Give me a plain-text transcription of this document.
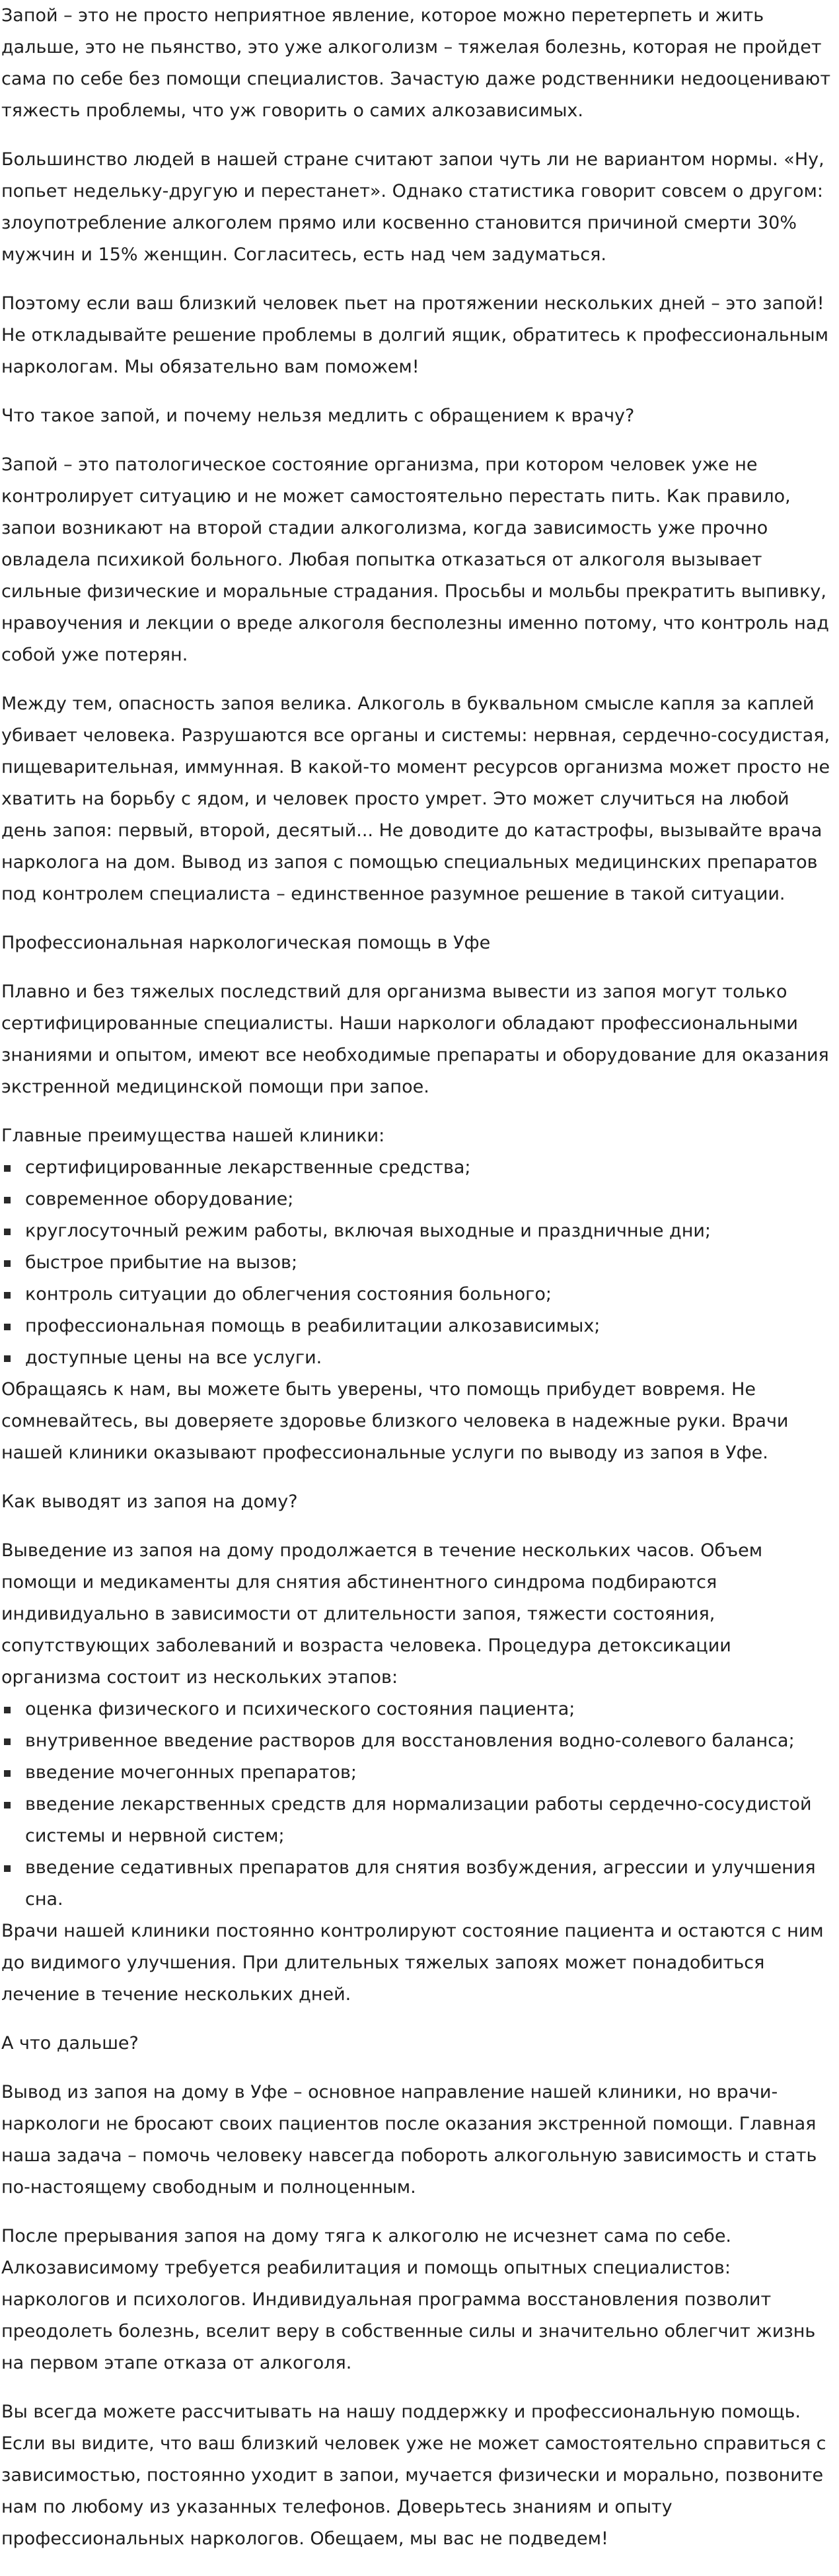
Запой – это не просто неприятное явление, которое можно перетерпеть и жить дальше, это не пьянство, это уже алкоголизм – тяжелая болезнь, которая не пройдет сама по себе без помощи специалистов. Зачастую даже родственники недооценивают тяжесть проблемы, что уж говорить о самих алкозависимых.

Большинство людей в нашей стране считают запои чуть ли не вариантом нормы. «Ну, попьет недельку-другую и перестанет». Однако статистика говорит совсем о другом: злоупотребление алкоголем прямо или косвенно становится причиной смерти 30% мужчин и 15% женщин. Согласитесь, есть над чем задуматься.

Поэтому если ваш близкий человек пьет на протяжении нескольких дней – это запой! Не откладывайте решение проблемы в долгий ящик, обратитесь к профессиональным наркологам. Мы обязательно вам поможем!

Что такое запой, и почему нельзя медлить с обращением к врачу?

Запой – это патологическое состояние организма, при котором человек уже не контролирует ситуацию и не может самостоятельно перестать пить. Как правило, запои возникают на второй стадии алкоголизма, когда зависимость уже прочно овладела психикой больного. Любая попытка отказаться от алкоголя вызывает сильные физические и моральные страдания. Просьбы и мольбы прекратить выпивку, нравоучения и лекции о вреде алкоголя бесполезны именно потому, что контроль над собой уже потерян.

Между тем, опасность запоя велика. Алкоголь в буквальном смысле капля за каплей убивает человека. Разрушаются все органы и системы: нервная, сердечно-сосудистая, пищеварительная, иммунная. В какой-то момент ресурсов организма может просто не хватить на борьбу с ядом, и человек просто умрет. Это может случиться на любой день запоя: первый, второй, десятый... Не доводите до катастрофы, вызывайте врача нарколога на дом. Вывод из запоя с помощью специальных медицинских препаратов под контролем специалиста – единственное разумное решение в такой ситуации.

Профессиональная наркологическая помощь в Уфе

Плавно и без тяжелых последствий для организма вывести из запоя могут только сертифицированные специалисты. Наши наркологи обладают профессиональными знаниями и опытом, имеют все необходимые препараты и оборудование для оказания экстренной медицинской помощи при запое.

Главные преимущества нашей клиники:

сертифицированные лекарственные средства;
современное оборудование;
круглосуточный режим работы, включая выходные и праздничные дни;
быстрое прибытие на вызов;
контроль ситуации до облегчения состояния больного;
профессиональная помощь в реабилитации алкозависимых;
доступные цены на все услуги.

Обращаясь к нам, вы можете быть уверены, что помощь прибудет вовремя. Не сомневайтесь, вы доверяете здоровье близкого человека в надежные руки. Врачи нашей клиники оказывают профессиональные услуги по выводу из запоя в Уфе.

Как выводят из запоя на дому?

Выведение из запоя на дому продолжается в течение нескольких часов. Объем помощи и медикаменты для снятия абстинентного синдрома подбираются индивидуально в зависимости от длительности запоя, тяжести состояния, сопутствующих заболеваний и возраста человека. Процедура детоксикации организма состоит из нескольких этапов:

оценка физического и психического состояния пациента;
внутривенное введение растворов для восстановления водно-солевого баланса;
введение мочегонных препаратов;
введение лекарственных средств для нормализации работы сердечно-сосудистой системы и нервной систем;
введение седативных препаратов для снятия возбуждения, агрессии и улучшения сна.

Врачи нашей клиники постоянно контролируют состояние пациента и остаются с ним до видимого улучшения. При длительных тяжелых запоях может понадобиться лечение в течение нескольких дней.

А что дальше?

Вывод из запоя на дому в Уфе – основное направление нашей клиники, но врачи-наркологи не бросают своих пациентов после оказания экстренной помощи. Главная наша задача – помочь человеку навсегда побороть алкогольную зависимость и стать по-настоящему свободным и полноценным.

После прерывания запоя на дому тяга к алкоголю не исчезнет сама по себе. Алкозависимому требуется реабилитация и помощь опытных специалистов: наркологов и психологов. Индивидуальная программа восстановления позволит преодолеть болезнь, вселит веру в собственные силы и значительно облегчит жизнь на первом этапе отказа от алкоголя.

Вы всегда можете рассчитывать на нашу поддержку и профессиональную помощь. Если вы видите, что ваш близкий человек уже не может самостоятельно справиться с зависимостью, постоянно уходит в запои, мучается физически и морально, позвоните нам по любому из указанных телефонов. Доверьтесь знаниям и опыту профессиональных наркологов. Обещаем, мы вас не подведем!
